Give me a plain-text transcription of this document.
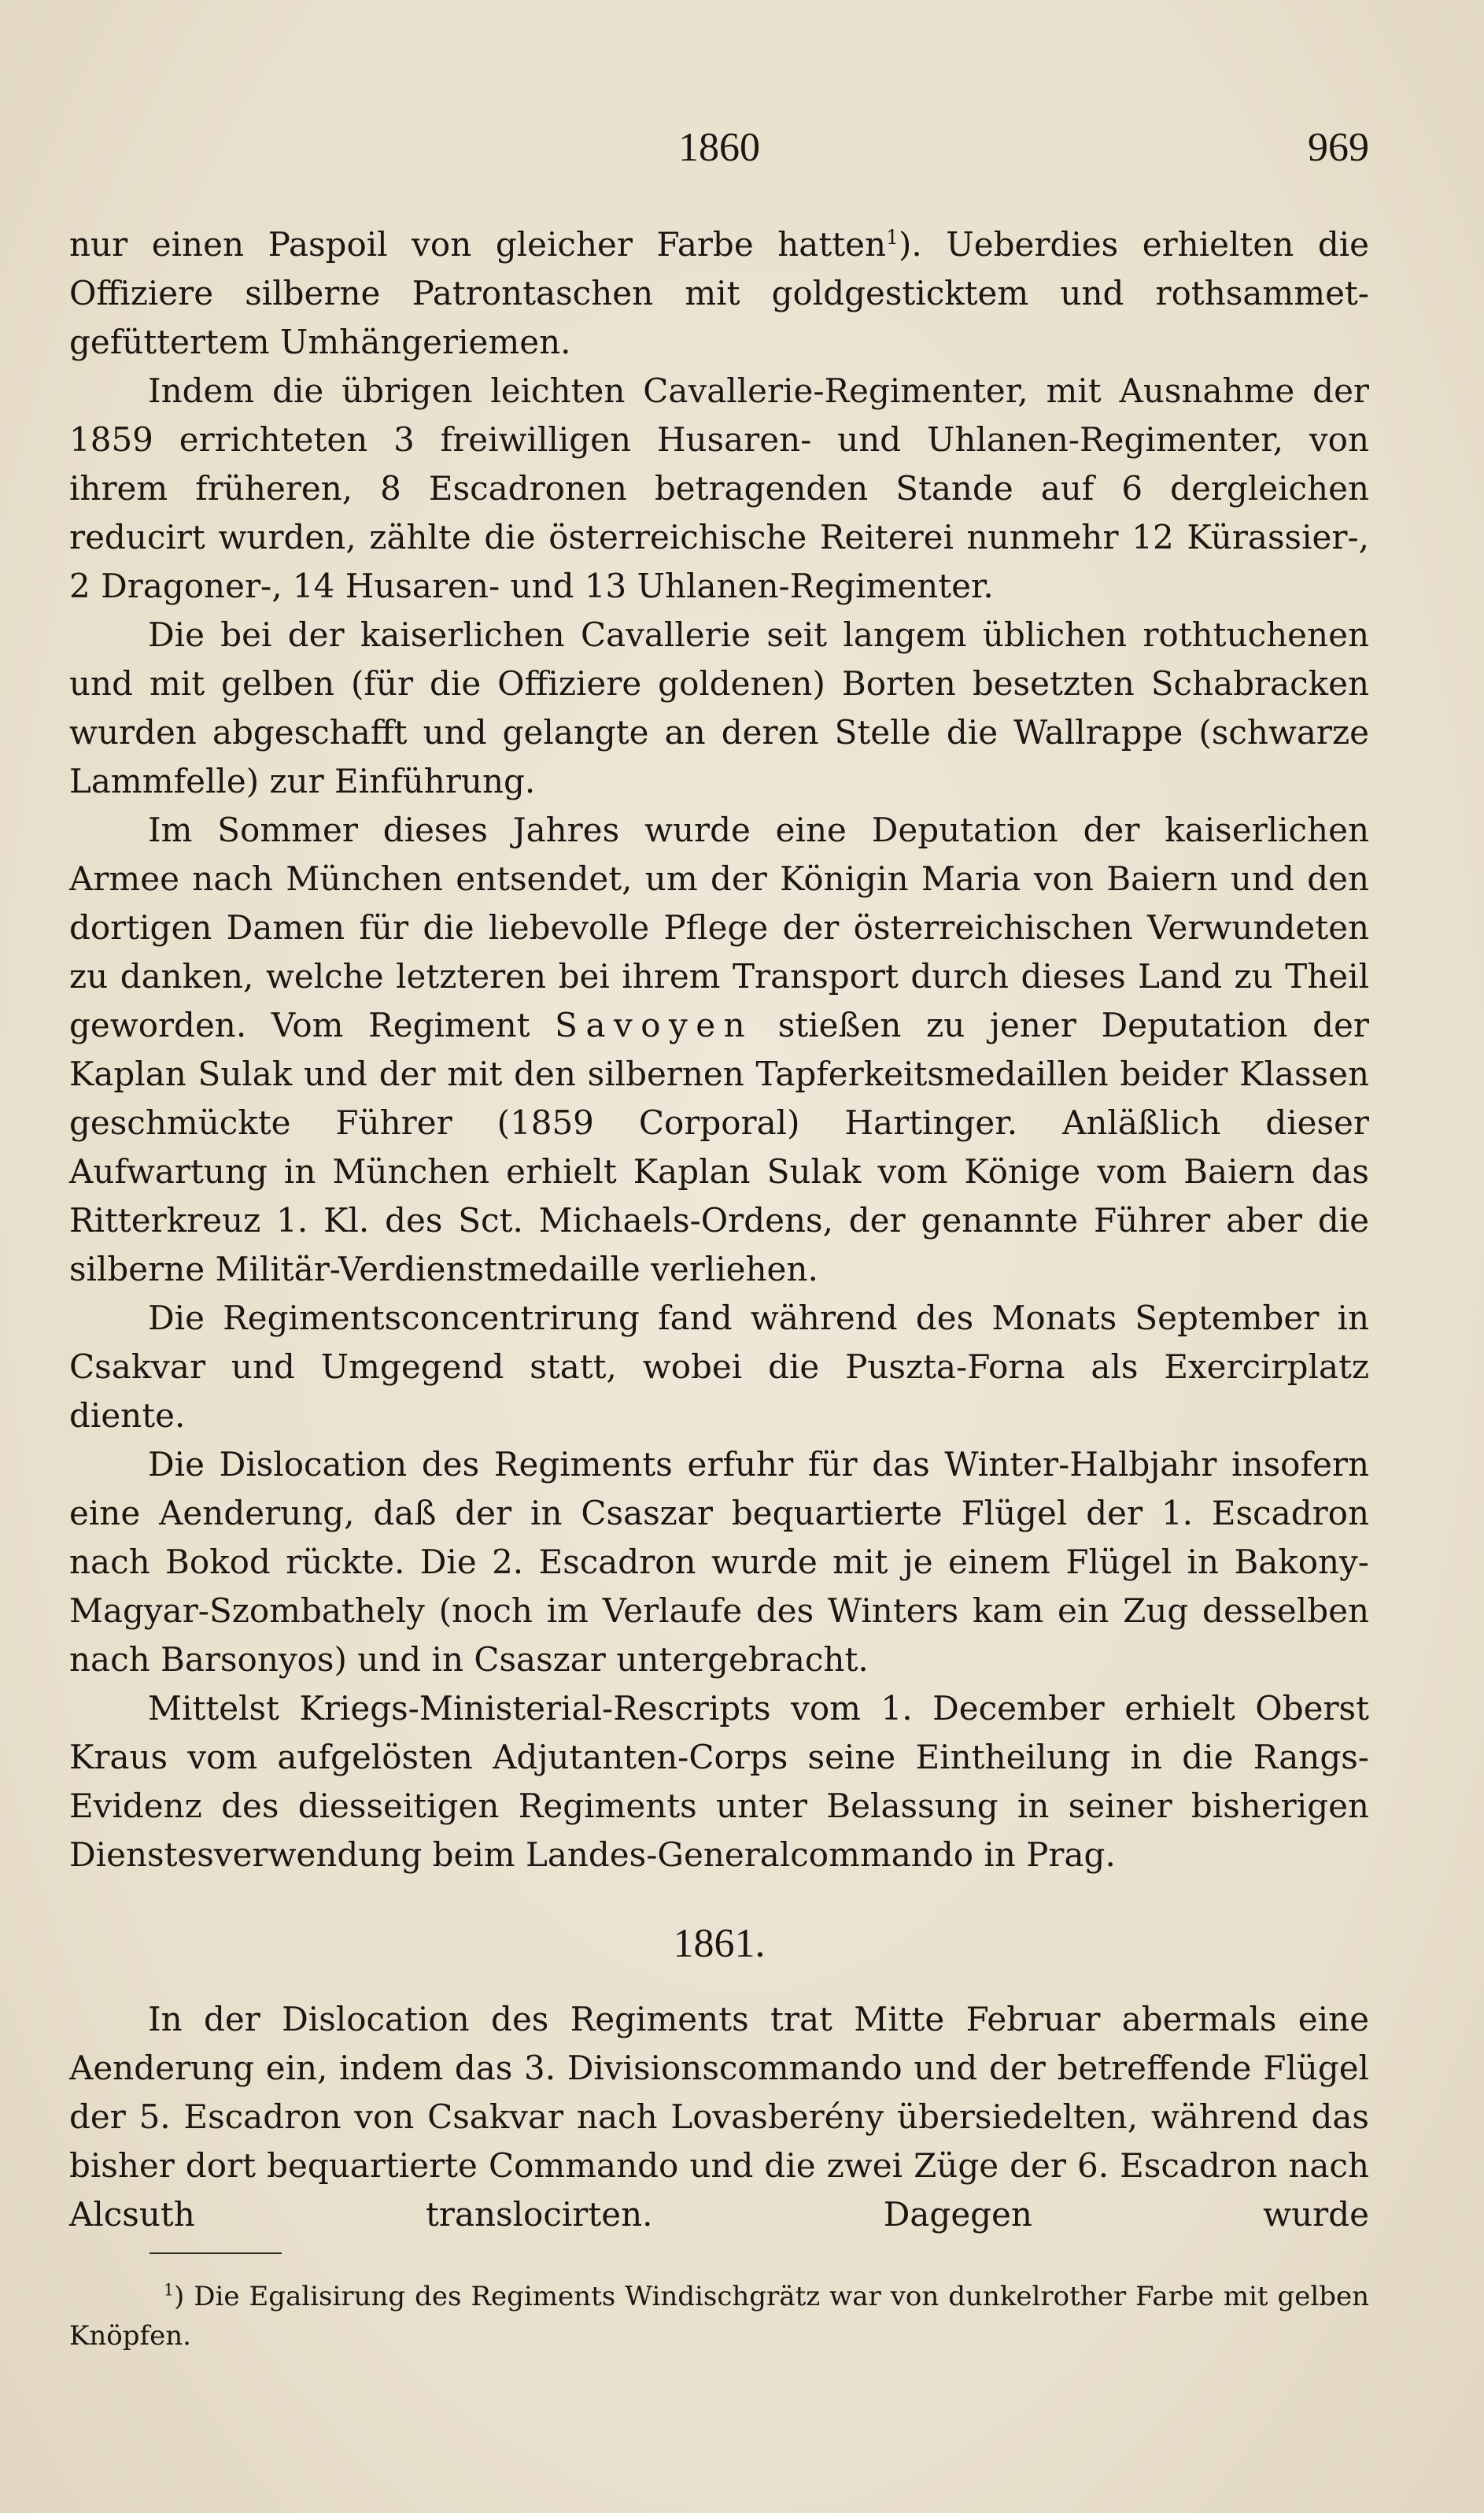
1860	969

nur einen Paspoil von gleicher Farbe hatten$^1$). Ueberdies erhielten die Offiziere silberne Patrontaschen mit goldgesticktem und rothsammet-gefüttertem Umhängeriemen.

Indem die übrigen leichten Cavallerie-Regimenter, mit Ausnahme der 1859 errichteten 3 freiwilligen Husaren- und Uhlanen-Regimenter, von ihrem früheren, 8 Escadronen betragenden Stande auf 6 dergleichen reducirt wurden, zählte die österreichische Reiterei nunmehr 12 Kürassier-, 2 Dragoner-, 14 Husaren- und 13 Uhlanen-Regimenter.

Die bei der kaiserlichen Cavallerie seit langem üblichen rothtuchenen und mit gelben (für die Offiziere goldenen) Borten besetzten Schabracken wurden abgeschafft und gelangte an deren Stelle die Wallrappe (schwarze Lammfelle) zur Einführung.

Im Sommer dieses Jahres wurde eine Deputation der kaiserlichen Armee nach München entsendet, um der Königin Maria von Baiern und den dortigen Damen für die liebevolle Pflege der österreichischen Verwundeten zu danken, welche letzteren bei ihrem Transport durch dieses Land zu Theil geworden. Vom Regiment Savoyen stießen zu jener Deputation der Kaplan Sulak und der mit den silbernen Tapferkeitsmedaillen beider Klassen geschmückte Führer (1859 Corporal) Hartinger. Anläßlich dieser Aufwartung in München erhielt Kaplan Sulak vom Könige vom Baiern das Ritterkreuz 1. Kl. des Sct. Michaels-Ordens, der genannte Führer aber die silberne Militär-Verdienstmedaille verliehen.

Die Regimentsconcentrirung fand während des Monats September in Csakvar und Umgegend statt, wobei die Puszta-Forna als Exercirplatz diente.

Die Dislocation des Regiments erfuhr für das Winter-Halbjahr insofern eine Aenderung, daß der in Csaszar bequartierte Flügel der 1. Escadron nach Bokod rückte. Die 2. Escadron wurde mit je einem Flügel in Bakony-Magyar-Szombathely (noch im Verlaufe des Winters kam ein Zug desselben nach Barsonyos) und in Csaszar untergebracht.

Mittelst Kriegs-Ministerial-Rescripts vom 1. December erhielt Oberst Kraus vom aufgelösten Adjutanten-Corps seine Eintheilung in die Rangs-Evidenz des diesseitigen Regiments unter Belassung in seiner bisherigen Dienstesverwendung beim Landes-Generalcommando in Prag.

1861.

In der Dislocation des Regiments trat Mitte Februar abermals eine Aenderung ein, indem das 3. Divisionscommando und der betreffende Flügel der 5. Escadron von Csakvar nach Lovasberény übersiedelten, während das bisher dort bequartierte Commando und die zwei Züge der 6. Escadron nach Alcsuth translocirten. Dagegen wurde

$^1$) Die Egalisirung des Regiments Windischgrätz war von dunkelrother Farbe mit gelben Knöpfen.
